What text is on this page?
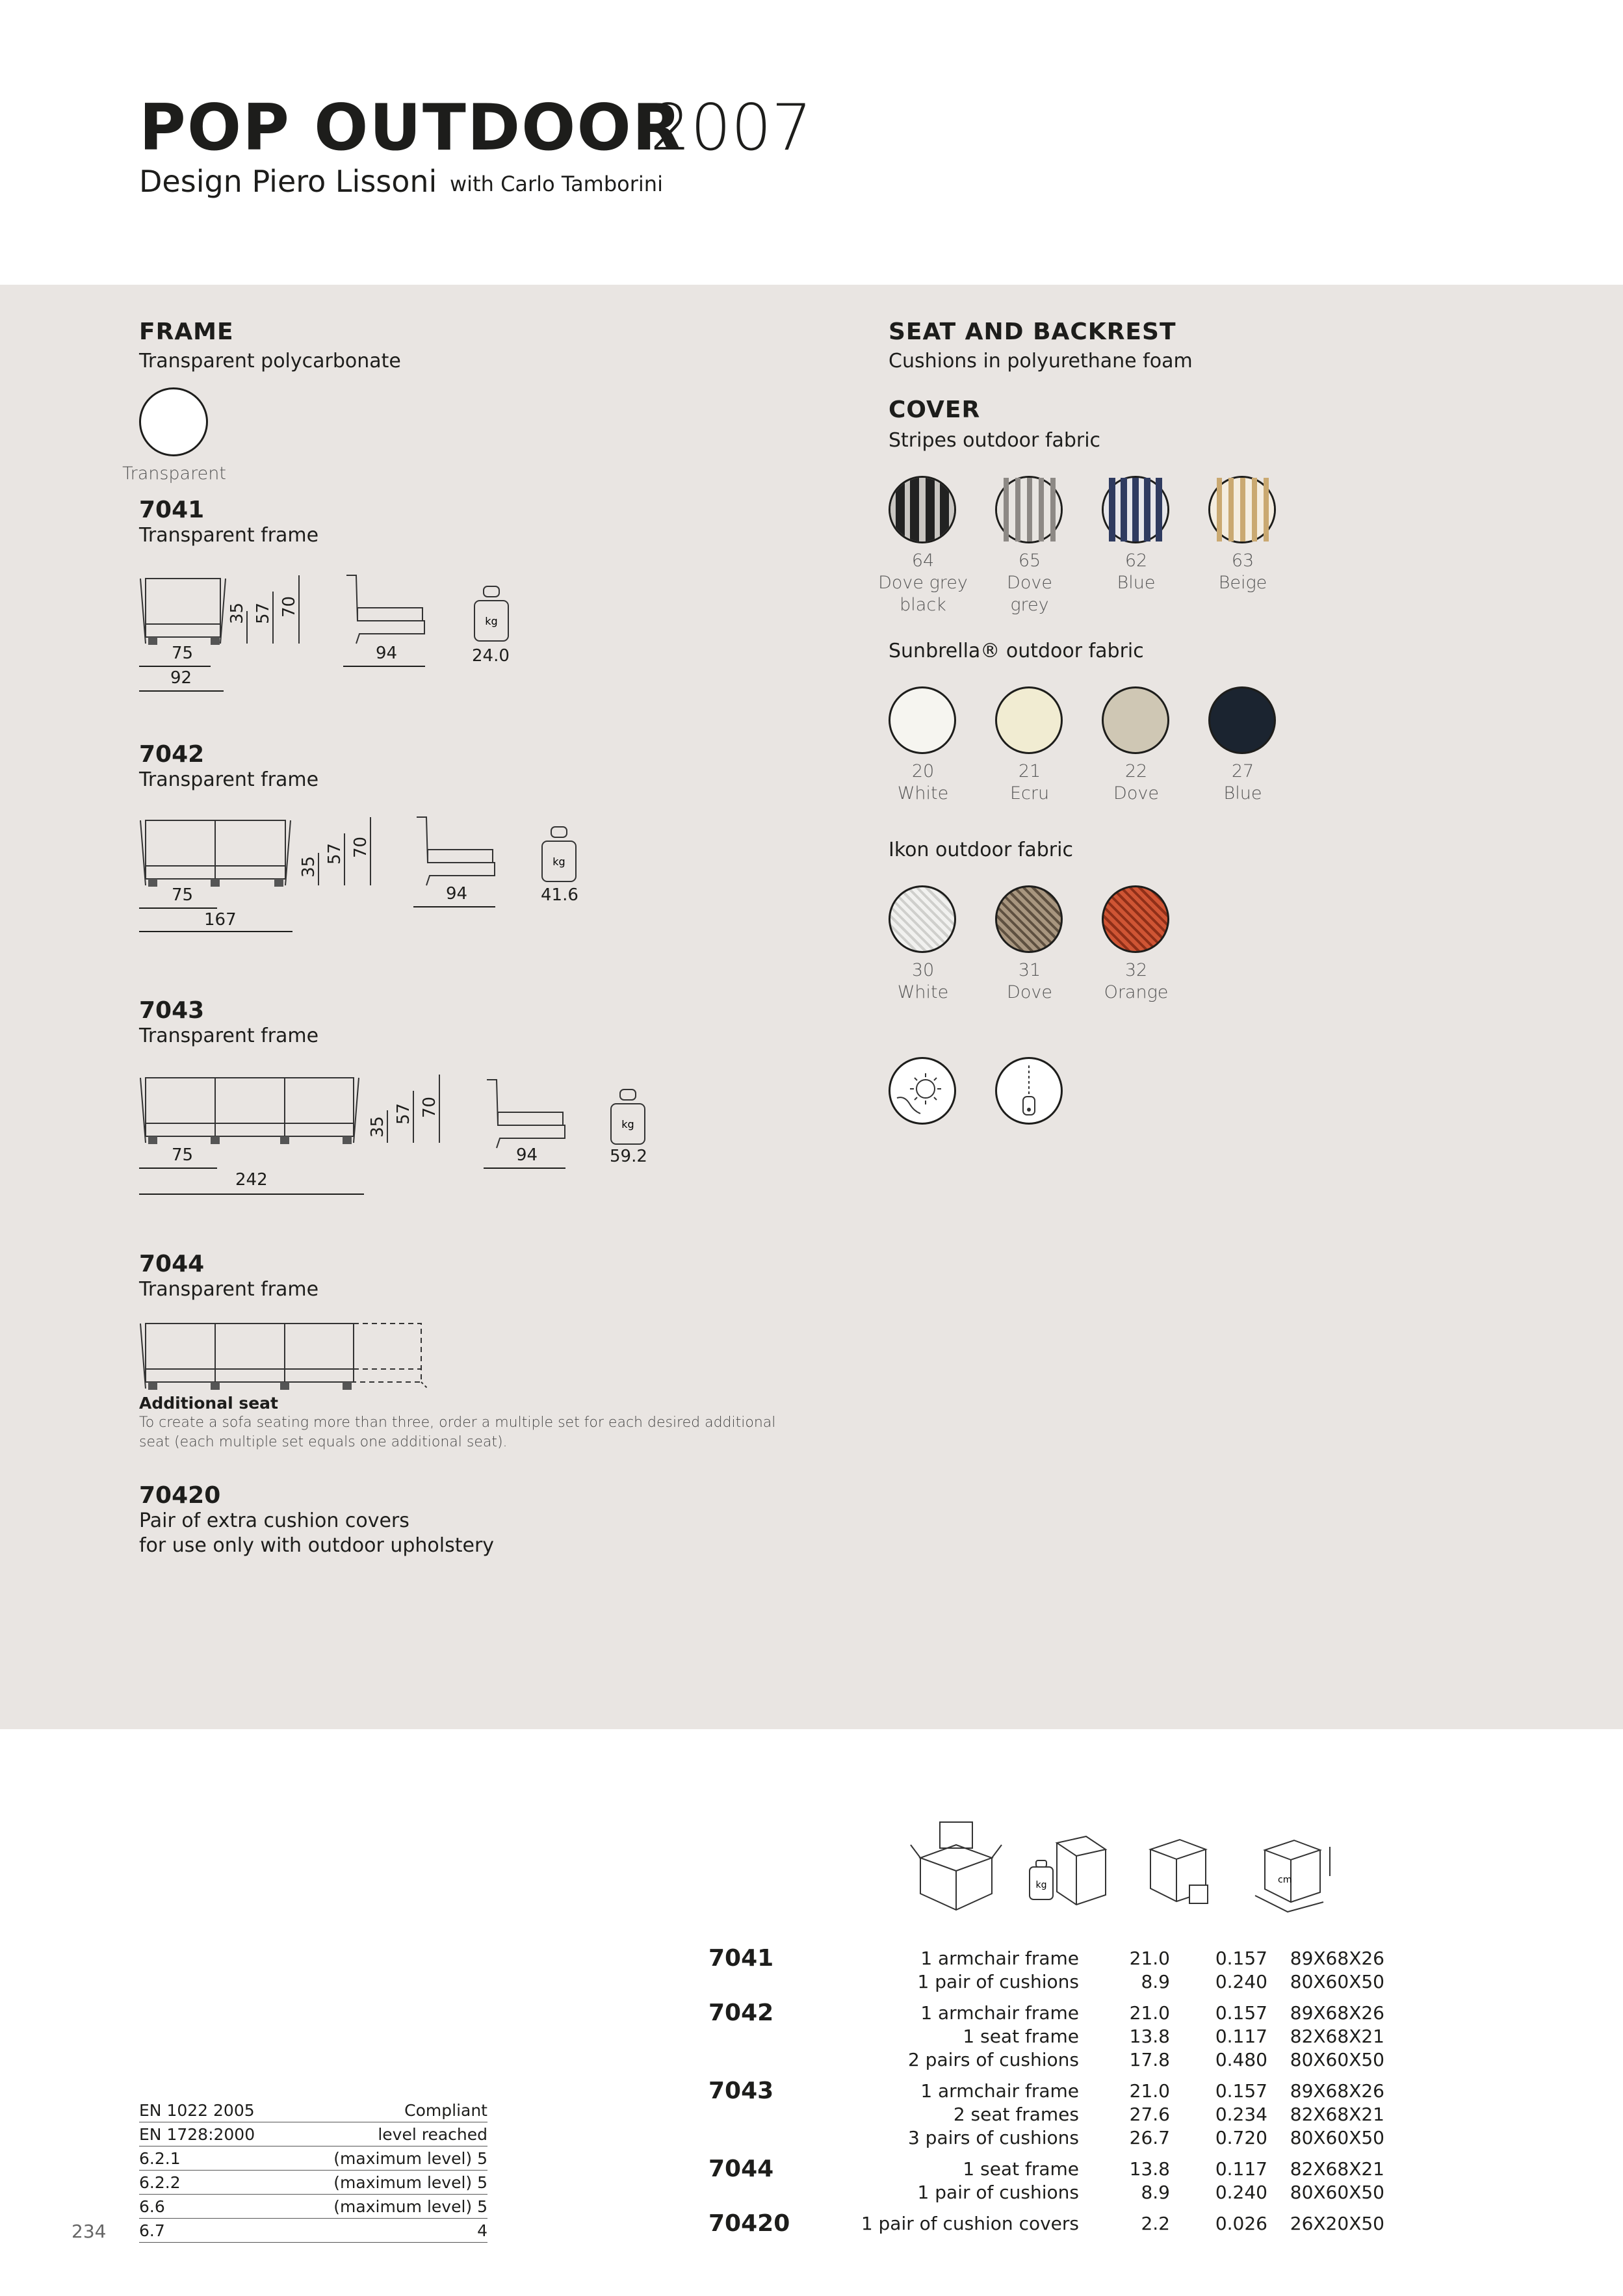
POP OUTDOOR
2007
Design Piero Lissoni with Carlo Tamborini
FRAME
Transparent polycarbonate
Transparent
7041
Transparent frame
35 57 70
75
92
94
kg
24.0
7042
Transparent frame
35
57 70
75
167
94
kg
41.6
7043
Transparent frame
35
57 70
75
242
94
kg
59.2
7044
Transparent frame
Additional seat
To create a sofa seating more than three, order a multiple set for each desired additional
seat (each multiple set equals one additional seat).
70420
Pair of extra cushion covers
for use only with outdoor upholstery
SEAT AND BACKREST
Cushions in polyurethane foam
COVER
Stripes outdoor fabric
64
Dove grey
black
65
Dove
grey
62
Blue
63
Beige
Sunbrella® outdoor fabric
20
White
21
Ecru
22
Dove
27
Blue
Ikon outdoor fabric
30
White
31
Dove
32
Orange
kg	cm
7041	1 armchair frame	21.0	0.157	89X68X26
1 pair of cushions	8.9	0.240	80X60X50
7042	1 armchair frame	21.0	0.157	89X68X26
1 seat frame	13.8	0.117	82X68X21
2 pairs of cushions	17.8	0.480	80X60X50
7043	1 armchair frame	21.0	0.157	89X68X26
2 seat frames	27.6	0.234	82X68X21
3 pairs of cushions	26.7	0.720	80X60X50
7044	1 seat frame	13.8	0.117	82X68X21
1 pair of cushions	8.9	0.240	80X60X50
70420	1 pair of cushion covers	2.2	0.026	26X20X50
EN 1022 2005	Compliant
EN 1728:2000	level reached
6.2.1	(maximum level) 5
6.2.2	(maximum level) 5
6.6	(maximum level) 5
6.7	4
234
